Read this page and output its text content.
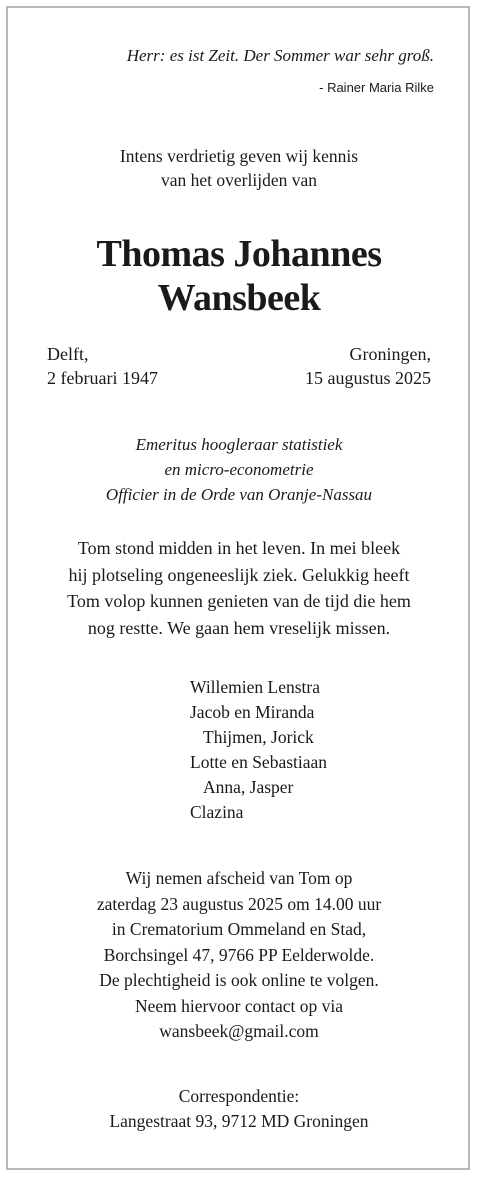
Herr: es ist Zeit. Der Sommer war sehr groß.
- Rainer Maria Rilke
Intens verdrietig geven wij kennis
van het overlijden van
Thomas Johannes
Wansbeek
Delft,
2 februari 1947
Groningen,
15 augustus 2025
Emeritus hoogleraar statistiek
en micro-econometrie
Officier in de Orde van Oranje-Nassau
Tom stond midden in het leven. In mei bleek
hij plotseling ongeneeslijk ziek. Gelukkig heeft
Tom volop kunnen genieten van de tijd die hem
nog restte. We gaan hem vreselijk missen.
Willemien Lenstra
Jacob en Miranda
Thijmen, Jorick
Lotte en Sebastiaan
Anna, Jasper
Clazina
Wij nemen afscheid van Tom op
zaterdag 23 augustus 2025 om 14.00 uur
in Crematorium Ommeland en Stad,
Borchsingel 47, 9766 PP Eelderwolde.
De plechtigheid is ook online te volgen.
Neem hiervoor contact op via
wansbeek@gmail.com
Correspondentie:
Langestraat 93, 9712 MD Groningen
